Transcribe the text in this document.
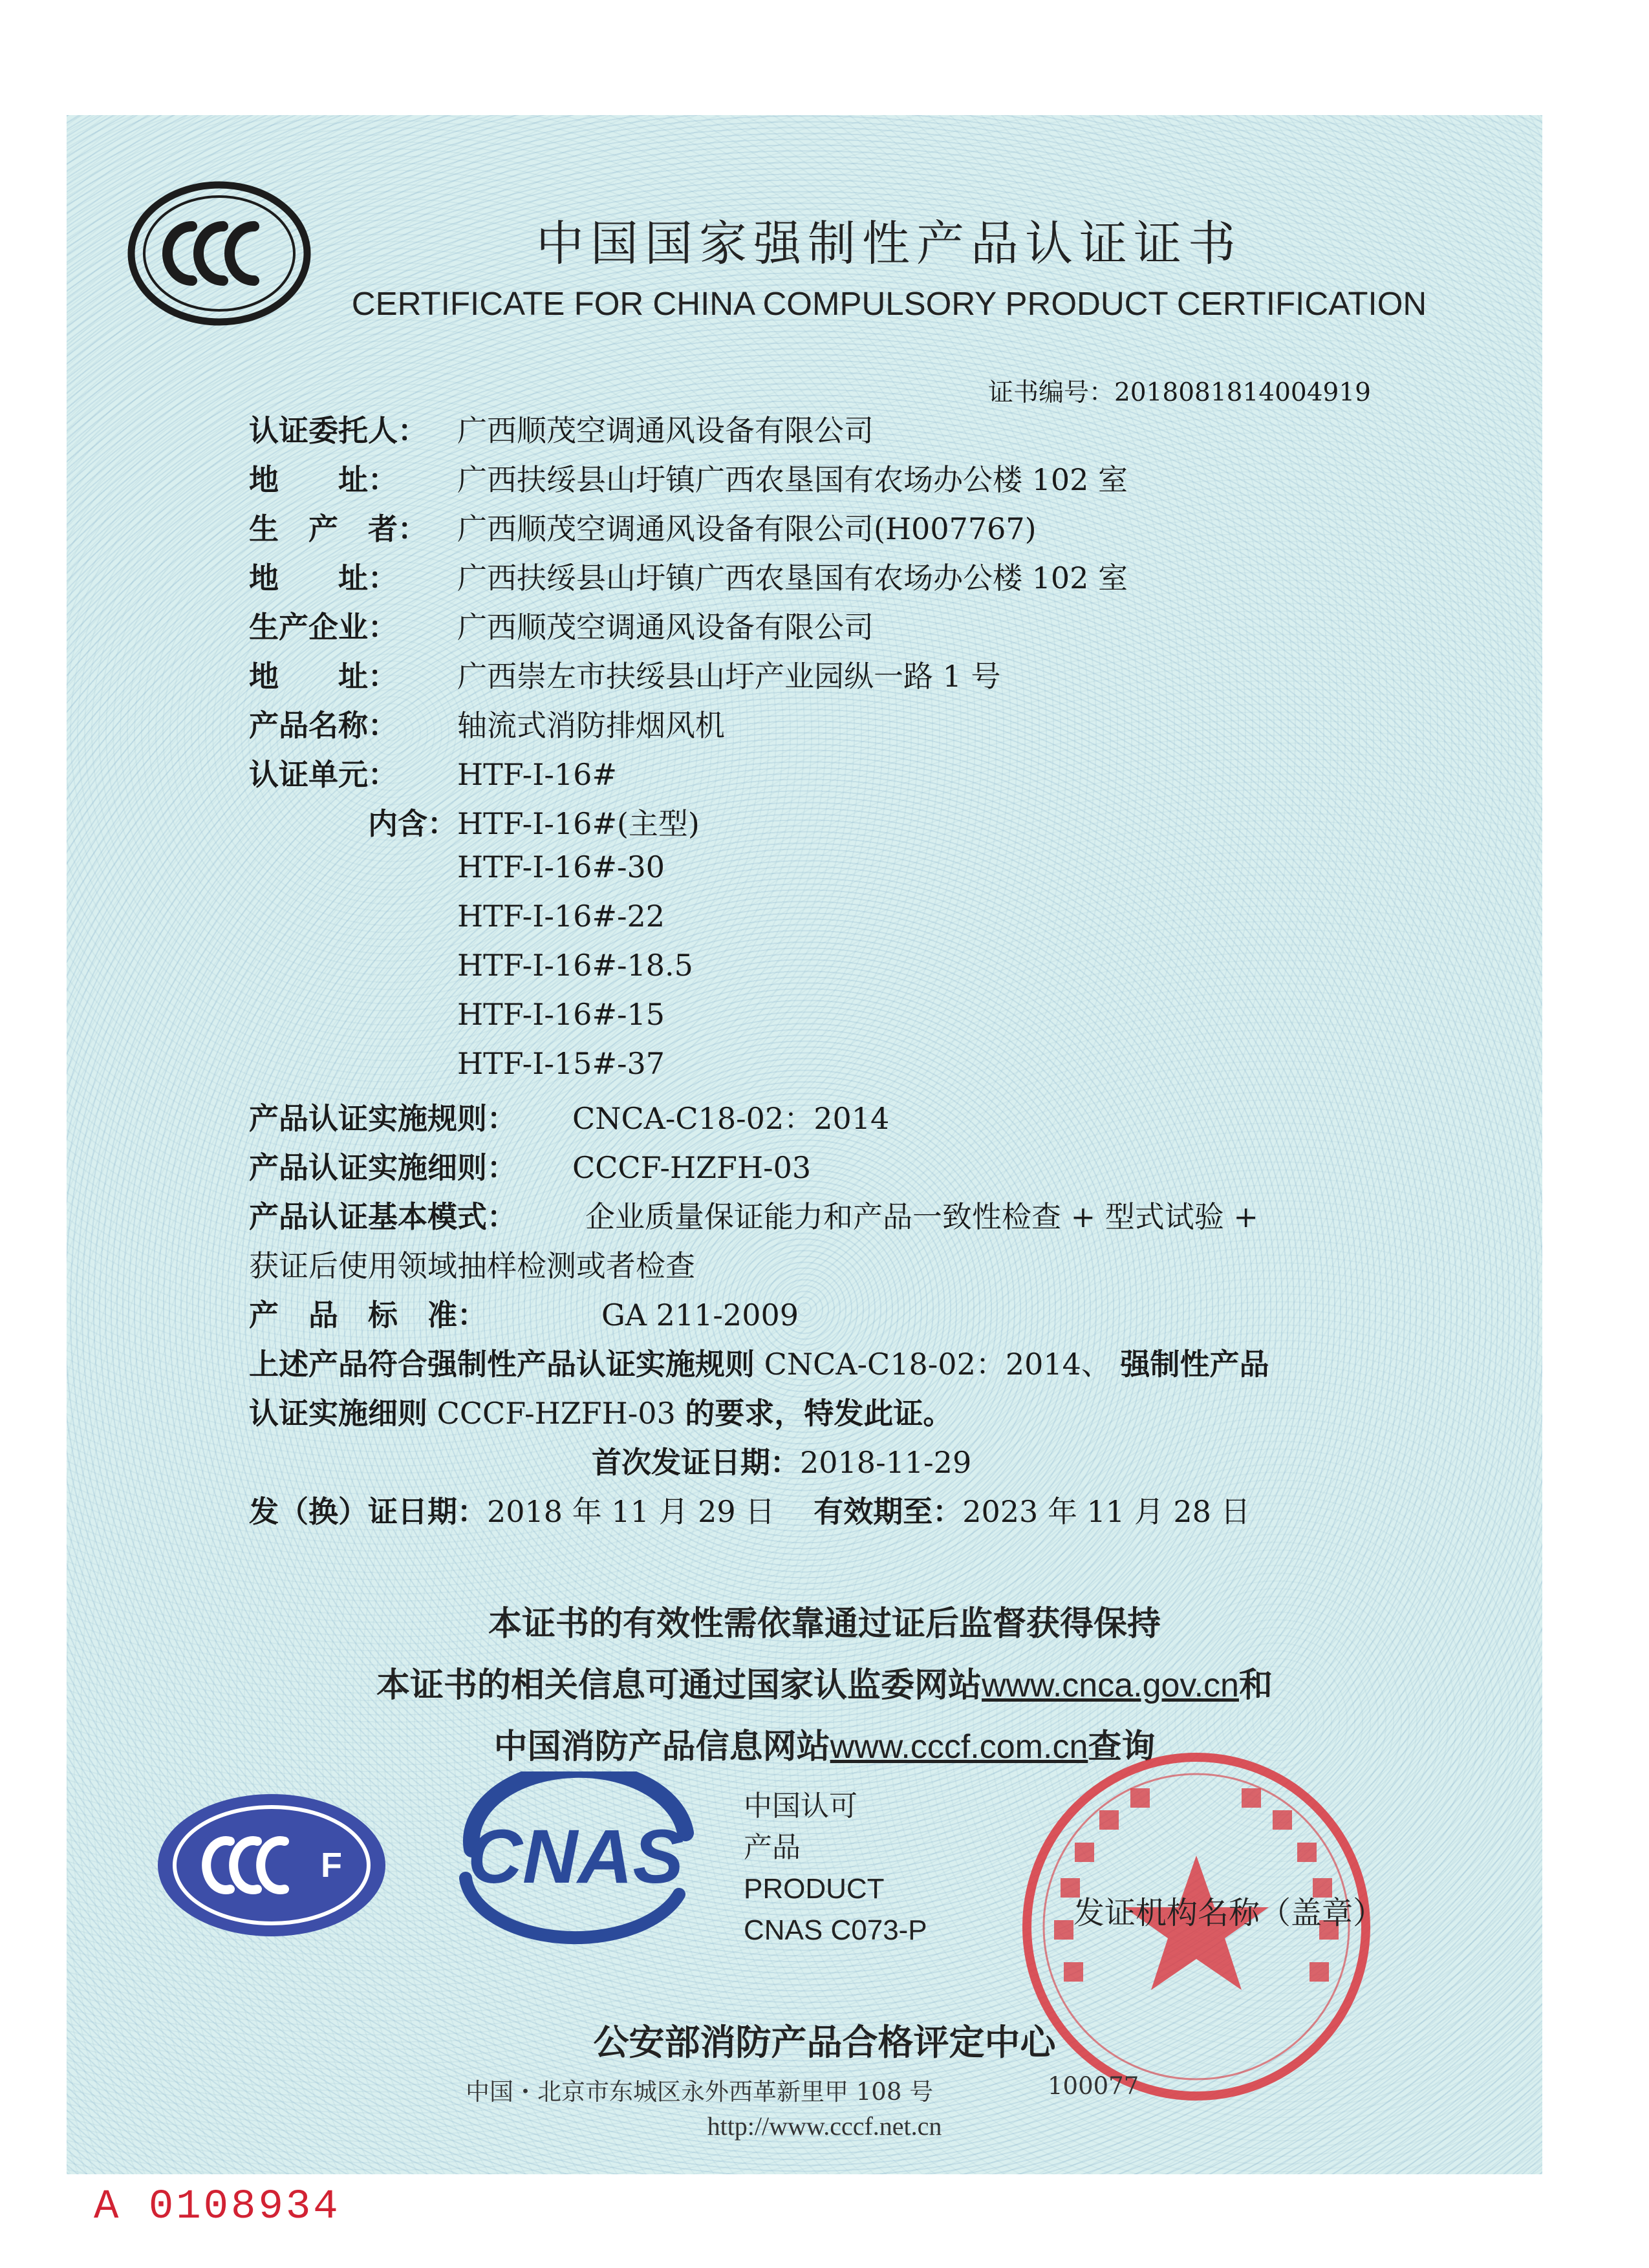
中国国家强制性产品认证证书
CERTIFICATE FOR CHINA COMPULSORY PRODUCT CERTIFICATION
证书编号：2018081814004919
认证委托人：	广西顺茂空调通风设备有限公司
地　　址：	广西扶绥县山圩镇广西农垦国有农场办公楼 102 室
生　产　者：	广西顺茂空调通风设备有限公司(H007767)
地　　址：	广西扶绥县山圩镇广西农垦国有农场办公楼 102 室
生产企业：	广西顺茂空调通风设备有限公司
地　　址：	广西崇左市扶绥县山圩产业园纵一路 1 号
产品名称：	轴流式消防排烟风机
认证单元：	HTF-I-16#
内含： HTF-I-16#(主型)
HTF-I-16#-30
HTF-I-16#-22
HTF-I-16#-18.5
HTF-I-16#-15
HTF-I-15#-37
产品认证实施规则：	CNCA-C18-02：2014
产品认证实施细则：	CCCF-HZFH-03
产品认证基本模式：	企业质量保证能力和产品一致性检查 + 型式试验 +
获证后使用领域抽样检测或者检查
产　品　标　准：	GA 211-2009
上述产品符合强制性产品认证实施规则 CNCA-C18-02：2014、 强制性产品
认证实施细则 CCCF-HZFH-03 的要求，特发此证。
首次发证日期： 2018-11-29
发（换）证日期： 2018 年 11 月 29 日 有效期至： 2023 年 11 月 28 日
本证书的有效性需依靠通过证后监督获得保持
本证书的相关信息可通过国家认监委网站www.cnca.gov.cn和
中国消防产品信息网站www.cccf.com.cn查询
F CNAS
中国认可
产品
PRODUCT
CNAS C073-P	发证机构名称（盖章）
公安部消防产品合格评定中心
中国・北京市东城区永外西革新里甲 108 号	100077
http://www.cccf.net.cn
A 0108934
